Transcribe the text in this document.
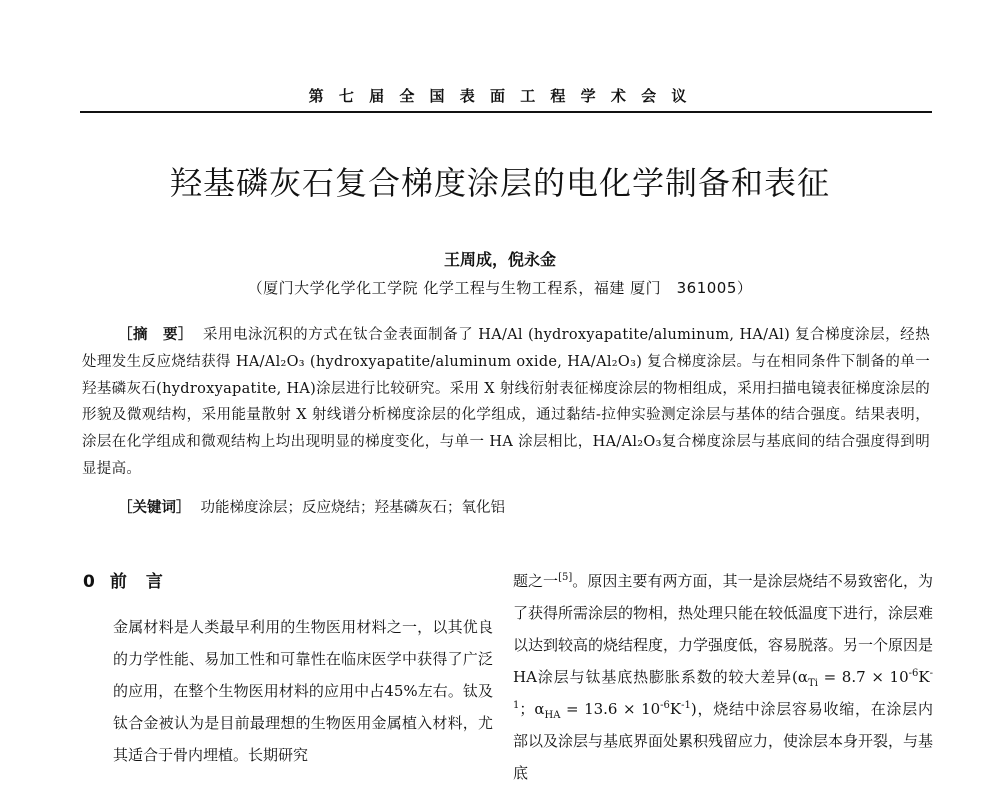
第 七 届 全 国 表 面 工 程 学 术 会 议
羟基磷灰石复合梯度涂层的电化学制备和表征
王周成，倪永金
（厦门大学化学化工学院 化学工程与生物工程系，福建 厦门　361005）
［摘　要］ 采用电泳沉积的方式在钛合金表面制备了 HA/Al (hydroxyapatite/aluminum, HA/Al) 复合梯度涂层，经热处理发生反应烧结获得 HA/Al₂O₃ (hydroxyapatite/aluminum oxide, HA/Al₂O₃) 复合梯度涂层。与在相同条件下制备的单一羟基磷灰石(hydroxyapatite, HA)涂层进行比较研究。采用 X 射线衍射表征梯度涂层的物相组成，采用扫描电镜表征梯度涂层的形貌及微观结构，采用能量散射 X 射线谱分析梯度涂层的化学组成，通过黏结-拉伸实验测定涂层与基体的结合强度。结果表明，涂层在化学组成和微观结构上均出现明显的梯度变化，与单一 HA 涂层相比，HA/Al₂O₃复合梯度涂层与基底间的结合强度得到明显提高。
［关键词］ 功能梯度涂层；反应烧结；羟基磷灰石；氧化铝
0 前　言
金属材料是人类最早利用的生物医用材料之一，以其优良的力学性能、易加工性和可靠性在临床医学中获得了广泛的应用，在整个生物医用材料的应用中占45%左右。钛及钛合金被认为是目前最理想的生物医用金属植入材料，尤其适合于骨内埋植。长期研究
题之一[5]。原因主要有两方面，其一是涂层烧结不易致密化，为了获得所需涂层的物相，热处理只能在较低温度下进行，涂层难以达到较高的烧结程度，力学强度低，容易脱落。另一个原因是HA涂层与钛基底热膨胀系数的较大差异($\alpha_{Ti} = 8.7 \times 10^{-6}K^{-1}$；$\alpha_{HA} = 13.6 \times 10^{-6}K^{-1}$)，烧结中涂层容易收缩，在涂层内部以及涂层与基底界面处累积残留应力，使涂层本身开裂，与基底
